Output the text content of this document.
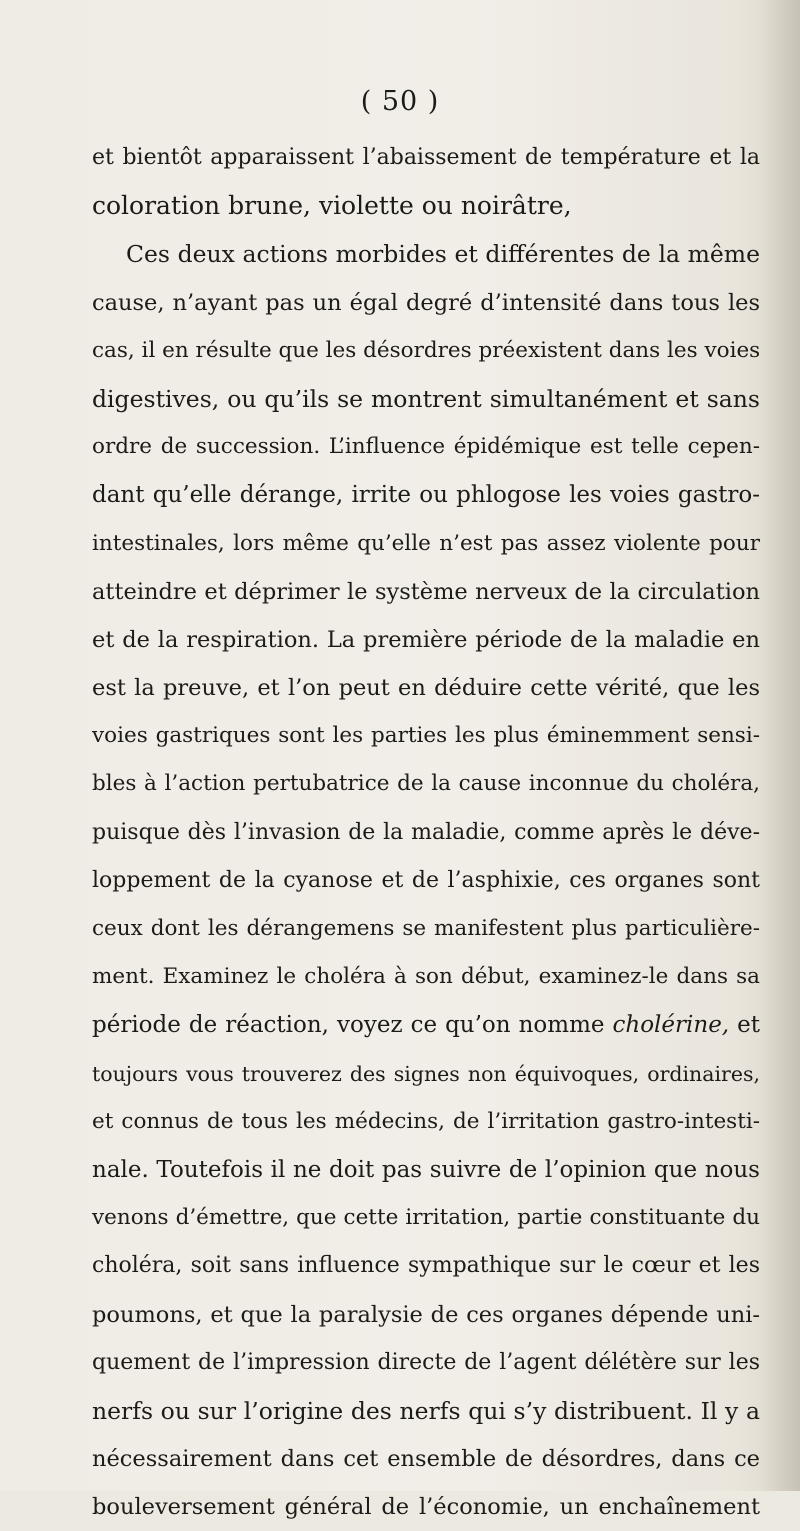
( 50 )
et bientôt apparaissent l’abaissement de température et la
coloration brune, violette ou noirâtre,
Ces deux actions morbides et différentes de la même
cause, n’ayant pas un égal degré d’intensité dans tous les
cas, il en résulte que les désordres préexistent dans les voies
digestives, ou qu’ils se montrent simultanément et sans
ordre de succession. L’influence épidémique est telle cepen-
dant qu’elle dérange, irrite ou phlogose les voies gastro-
intestinales, lors même qu’elle n’est pas assez violente pour
atteindre et déprimer le système nerveux de la circulation
et de la respiration. La première période de la maladie en
est la preuve, et l’on peut en déduire cette vérité, que les
voies gastriques sont les parties les plus éminemment sensi-
bles à l’action pertubatrice de la cause inconnue du choléra,
puisque dès l’invasion de la maladie, comme après le déve-
loppement de la cyanose et de l’asphixie, ces organes sont
ceux dont les dérangemens se manifestent plus particulière-
ment. Examinez le choléra à son début, examinez-le dans sa
période de réaction, voyez ce qu’on nomme cholérine, et
toujours vous trouverez des signes non équivoques, ordinaires,
et connus de tous les médecins, de l’irritation gastro-intesti-
nale. Toutefois il ne doit pas suivre de l’opinion que nous
venons d’émettre, que cette irritation, partie constituante du
choléra, soit sans influence sympathique sur le cœur et les
poumons, et que la paralysie de ces organes dépende uni-
quement de l’impression directe de l’agent délétère sur les
nerfs ou sur l’origine des nerfs qui s’y distribuent. Il y a
nécessairement dans cet ensemble de désordres, dans ce
bouleversement général de l’économie, un enchaînement
